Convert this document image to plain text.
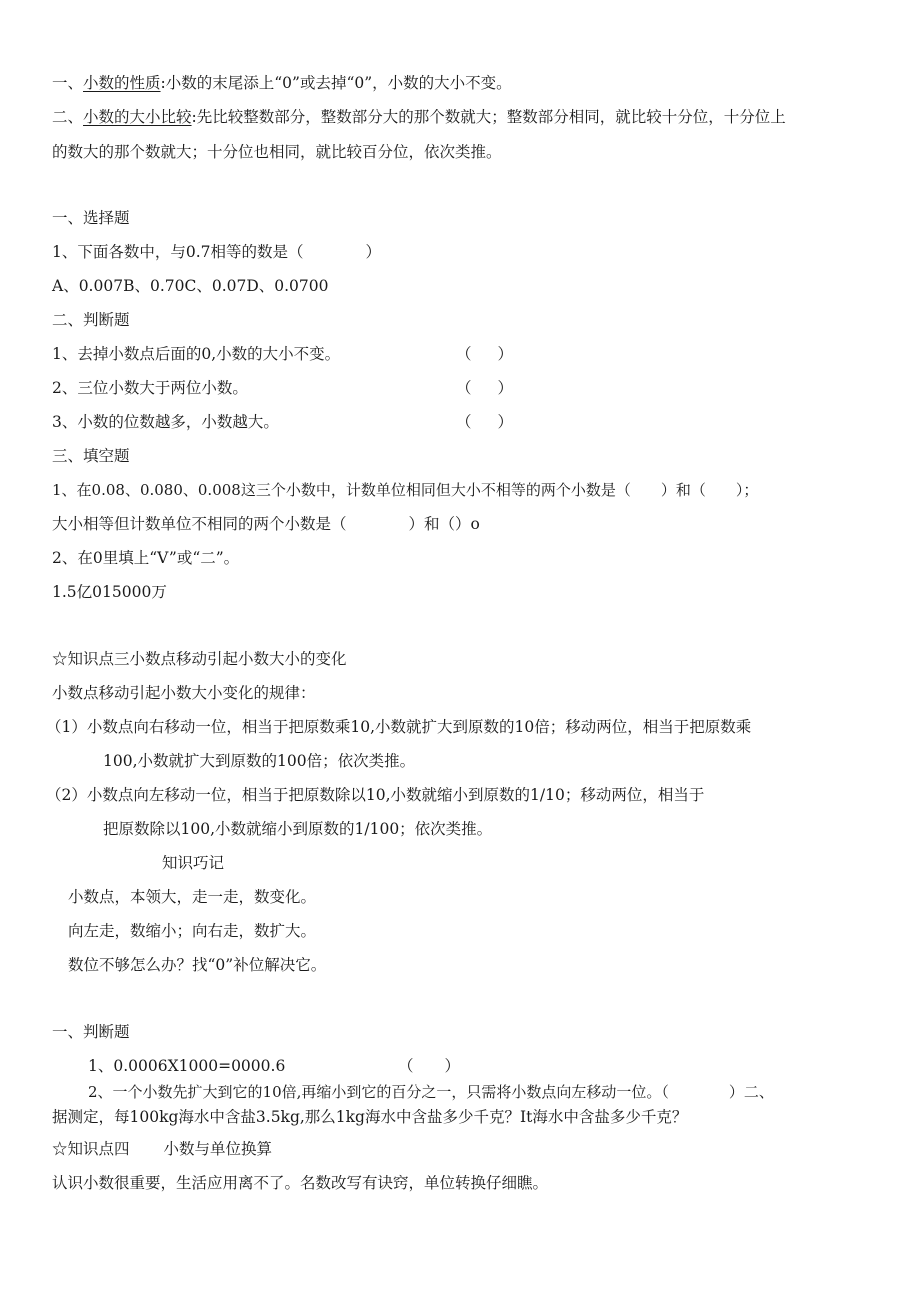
一、小数的性质:小数的末尾添上“0”或去掉“0”，小数的大小不变。
二、小数的大小比较:先比较整数部分，整数部分大的那个数就大；整数部分相同，就比较十分位，十分位上
的数大的那个数就大；十分位也相同，就比较百分位，依次类推。
一、选择题
1、下面各数中，与0.7相等的数是（	）
A、0.007B、0.70C、0.07D、0.0700
二、判断题
1、去掉小数点后面的0,小数的大小不变。	（ ）
2、三位小数大于两位小数。	（ ）
3、小数的位数越多，小数越大。	（ ）
三、填空题
1、在0.08、0.080、0.008这三个小数中，计数单位相同但大小不相等的两个小数是（　　）和（　　）；
大小相等但计数单位不相同的两个小数是（　　　　）和（）o
2、在0里填上“V”或“二”。
1.5亿015000万
☆知识点三小数点移动引起小数大小的变化
小数点移动引起小数大小变化的规律：
（1）小数点向右移动一位，相当于把原数乘10,小数就扩大到原数的10倍；移动两位，相当于把原数乘
100,小数就扩大到原数的100倍；依次类推。
（2）小数点向左移动一位，相当于把原数除以10,小数就缩小到原数的1/10；移动两位，相当于
把原数除以100,小数就缩小到原数的1/100；依次类推。
知识巧记
小数点，本领大，走一走，数变化。
向左走，数缩小；向右走，数扩大。
数位不够怎么办？找“0”补位解决它。
一、判断题
1、0.0006X1000=0000.6	（　　）
2、一个小数先扩大到它的10倍,再缩小到它的百分之一，只需将小数点向左移动一位。（　　　　）二、
据测定，每100kg海水中含盐3.5kg,那么1kg海水中含盐多少千克？It海水中含盐多少千克？
☆知识点四 小数与单位换算
认识小数很重要，生活应用离不了。名数改写有诀窍，单位转换仔细瞧。
